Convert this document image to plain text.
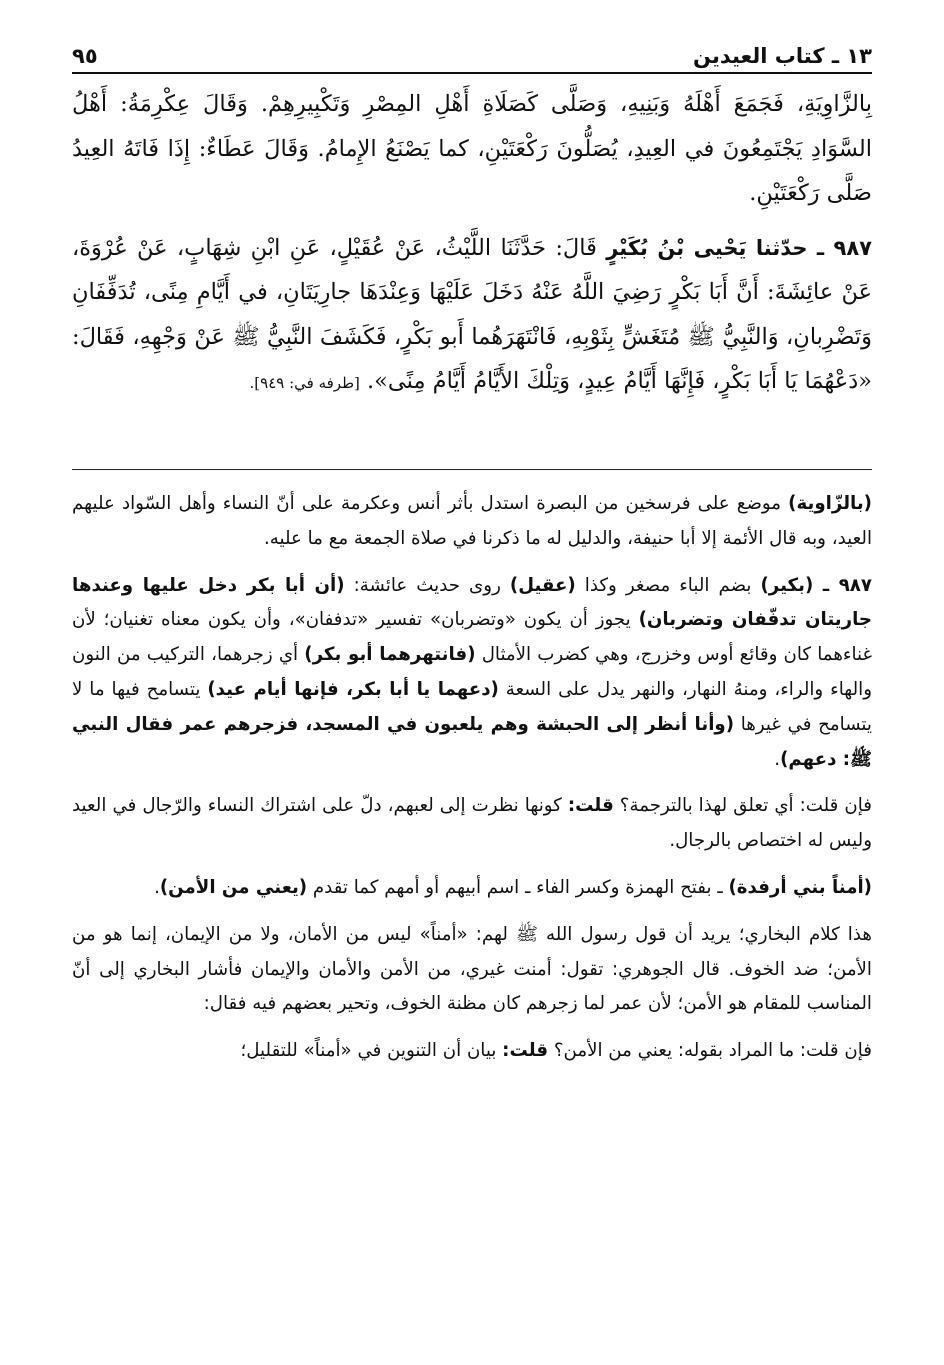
١٣ ـ كتاب العيدين
٩٥

بِالزَّاوِيَةِ، فَجَمَعَ أَهْلَهُ وَبَنِيهِ، وَصَلَّى كَصَلَاةِ أَهْلِ المِصْرِ وَتَكْبِيرِهِمْ. وَقَالَ عِكْرِمَةُ: أَهْلُ السَّوَادِ يَجْتَمِعُونَ في العِيدِ، يُصَلُّونَ رَكْعَتَيْنِ، كما يَصْنَعُ الإِمامُ. وَقَالَ عَطَاءٌ: إِذَا فَاتَهُ العِيدُ صَلَّى رَكْعَتَيْنِ.

٩٨٧ ـ حدّثنا يَحْيى بْنُ بُكَيْرٍ قَالَ: حَدَّثَنَا اللَّيْثُ، عَنْ عُقَيْلٍ، عَنِ ابْنِ شِهَابٍ، عَنْ عُرْوَةَ، عَنْ عائِشَةَ: أَنَّ أَبَا بَكْرٍ رَضِيَ اللَّهُ عَنْهُ دَخَلَ عَلَيْهَا وَعِنْدَهَا جارِيَتَانِ، في أَيَّامِ مِنًى، تُدَفِّفَانِ وَتَضْرِبانِ، وَالنَّبِيُّ ﷺ مُتَغَشٍّ بِثَوْبِهِ، فَانْتَهَرَهُما أَبو بَكْرٍ، فَكَشَفَ النَّبِيُّ ﷺ عَنْ وَجْهِهِ، فَقَالَ: «دَعْهُمَا يَا أَبَا بَكْرٍ، فَإِنَّهَا أَيَّامُ عِيدٍ، وَتِلْكَ الأَيَّامُ أَيَّامُ مِنًى». [طرفه في: ٩٤٩].

(بالزّاوية) موضع على فرسخين من البصرة استدل بأثر أنس وعكرمة على أنّ النساء وأهل السّواد عليهم العيد، وبه قال الأئمة إلا أبا حنيفة، والدليل له ما ذكرنا في صلاة الجمعة مع ما عليه.

٩٨٧ ـ (بكير) بضم الباء مصغر وكذا (عقيل) روى حديث عائشة: (أن أبا بكر دخل عليها وعندها جاريتان تدفّفان وتضربان) يجوز أن يكون «وتضربان» تفسير «تدففان»، وأن يكون معناه تغنيان؛ لأن غناءهما كان وقائع أوس وخزرج، وهي كضرب الأمثال (فانتهرهما أبو بكر) أي زجرهما، التركيب من النون والهاء والراء، ومنهُ النهار، والنهر يدل على السعة (دعهما يا أبا بكر، فإنها أيام عيد) يتسامح فيها ما لا يتسامح في غيرها (وأنا أنظر إلى الحبشة وهم يلعبون في المسجد، فزجرهم عمر فقال النبي ﷺ: دعهم).

فإن قلت: أي تعلق لهذا بالترجمة؟ قلت: كونها نظرت إلى لعبهم، دلّ على اشتراك النساء والرّجال في العيد وليس له اختصاص بالرجال.

(أمناً بني أرفدة) ـ بفتح الهمزة وكسر الفاء ـ اسم أبيهم أو أمهم كما تقدم (يعني من الأمن).

هذا كلام البخاري؛ يريد أن قول رسول الله ﷺ لهم: «أمناً» ليس من الأمان، ولا من الإيمان، إنما هو من الأمن؛ ضد الخوف. قال الجوهري: تقول: أمنت غيري، من الأمن والأمان والإيمان فأشار البخاري إلى أنّ المناسب للمقام هو الأمن؛ لأن عمر لما زجرهم كان مظنة الخوف، وتحير بعضهم فيه فقال:

فإن قلت: ما المراد بقوله: يعني من الأمن؟ قلت: بيان أن التنوين في «أمناً» للتقليل؛
